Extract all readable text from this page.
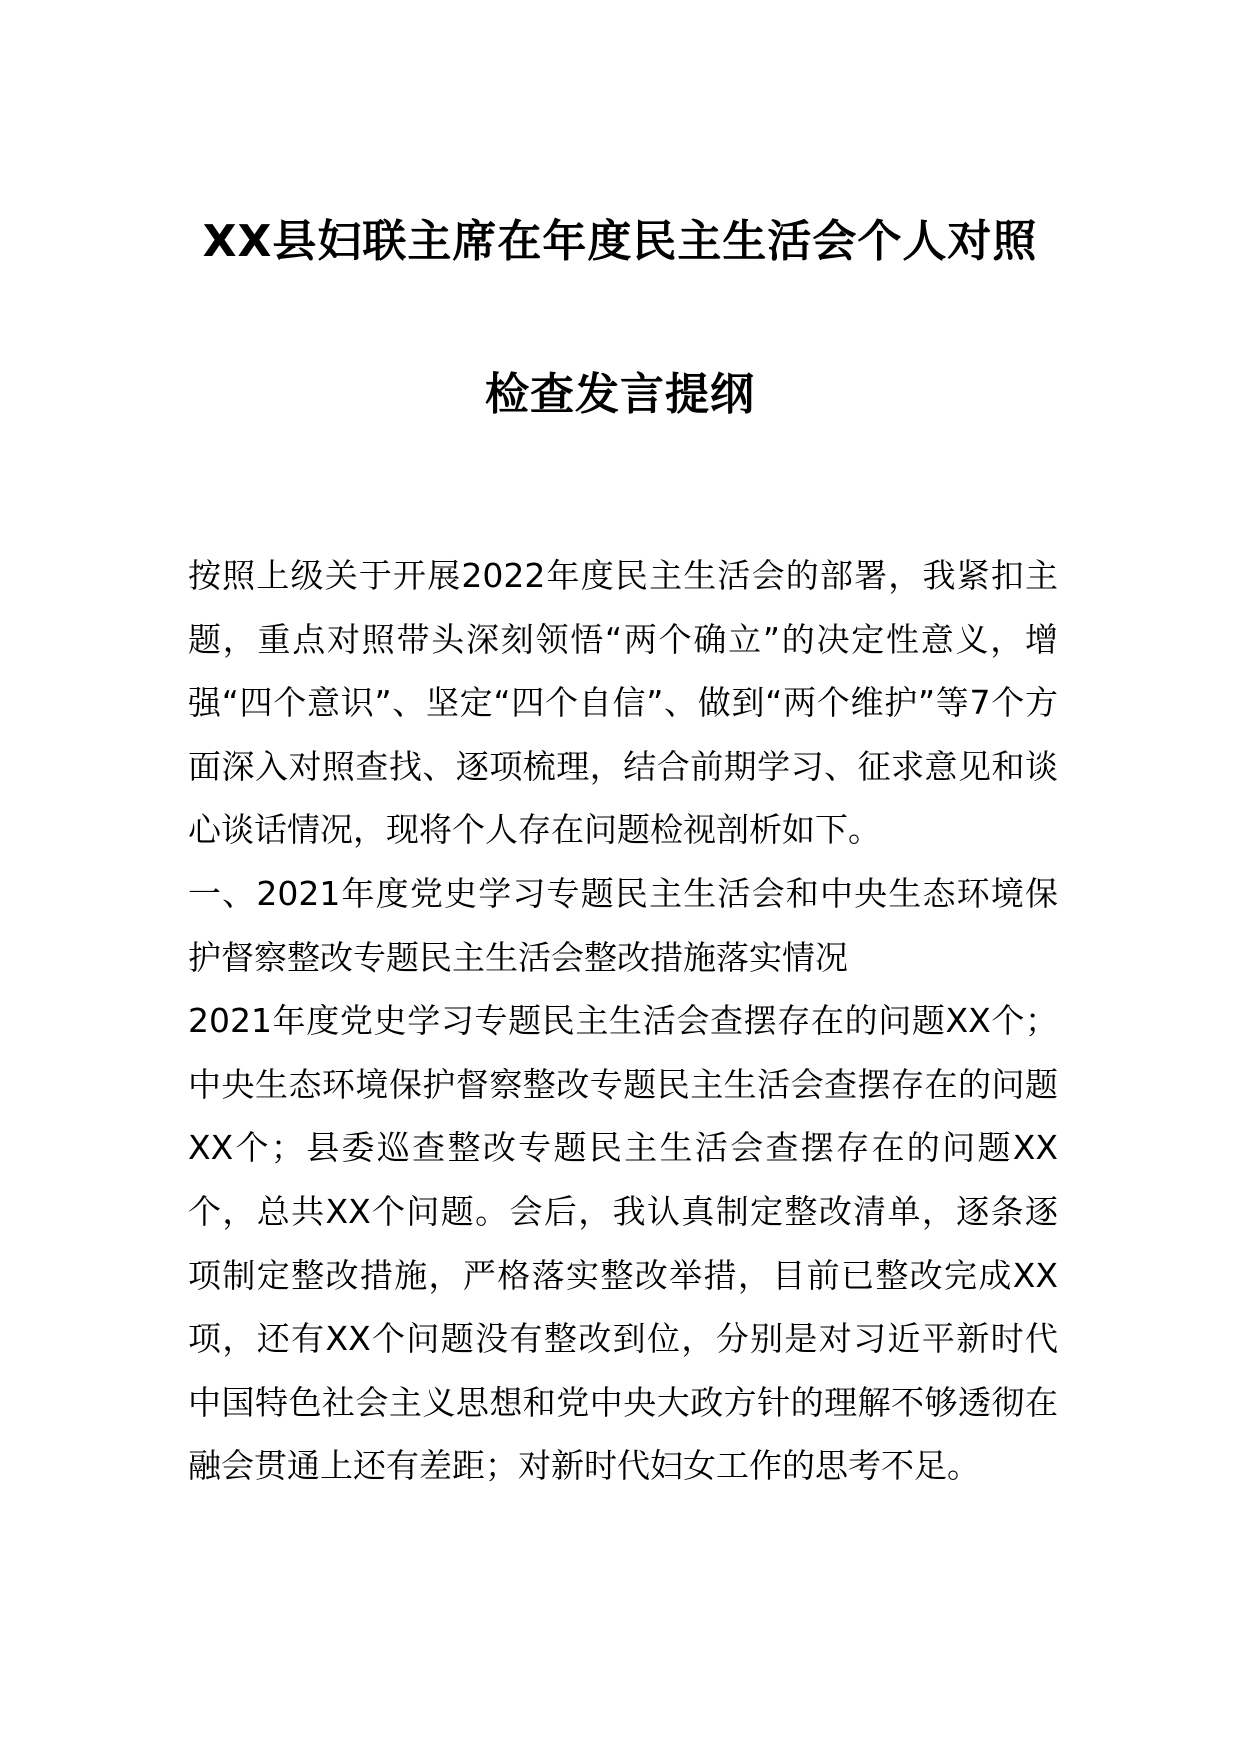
XX县妇联主席在年度民主生活会个人对照
检查发言提纲

按照上级关于开展2022年度民主生活会的部署，我紧扣主题，重点对照带头深刻领悟“两个确立”的决定性意义，增强“四个意识”、坚定“四个自信”、做到“两个维护”等7个方面深入对照查找、逐项梳理，结合前期学习、征求意见和谈心谈话情况，现将个人存在问题检视剖析如下。

一、2021年度党史学习专题民主生活会和中央生态环境保护督察整改专题民主生活会整改措施落实情况

2021年度党史学习专题民主生活会查摆存在的问题XX个；中央生态环境保护督察整改专题民主生活会查摆存在的问题XX个；县委巡查整改专题民主生活会查摆存在的问题XX个，总共XX个问题。会后，我认真制定整改清单，逐条逐项制定整改措施，严格落实整改举措，目前已整改完成XX项，还有XX个问题没有整改到位，分别是对习近平新时代中国特色社会主义思想和党中央大政方针的理解不够透彻在融会贯通上还有差距；对新时代妇女工作的思考不足。
